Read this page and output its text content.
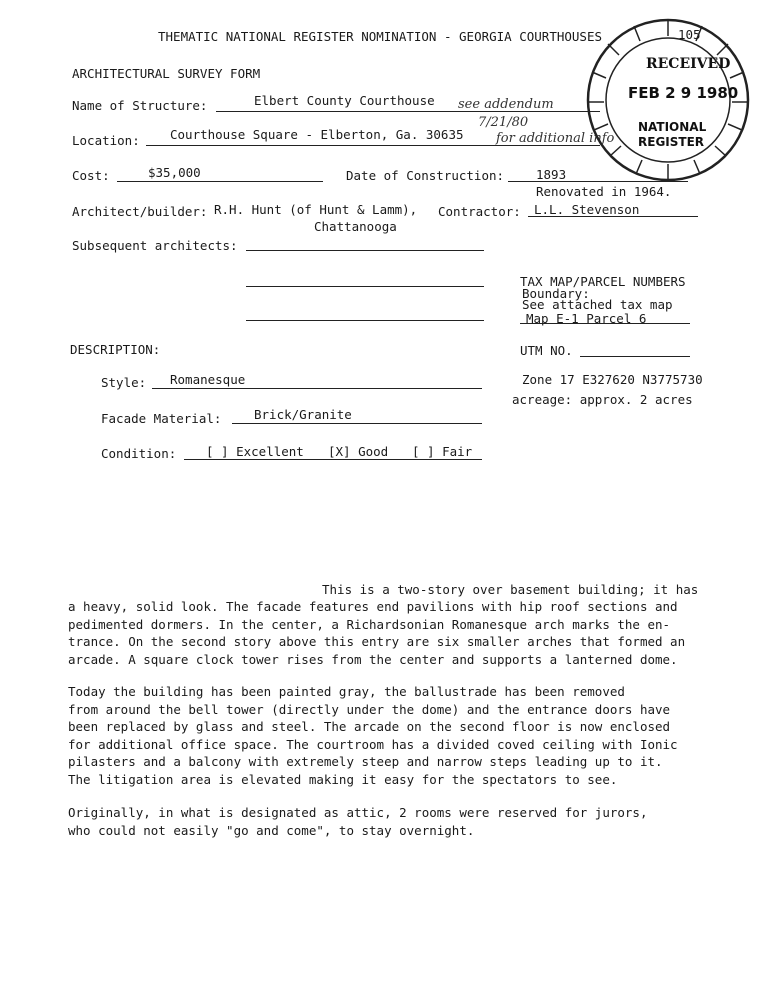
THEMATIC NATIONAL REGISTER NOMINATION - GEORGIA COURTHOUSES	105
ARCHITECTURAL SURVEY FORM
Name of Structure:	Elbert County Courthouse see addendum
Location: Courthouse Square - Elberton, Ga. 30635
7/21/80
for additional info
Cost:	$35,000	Date of Construction:	1893
Renovated in 1964.
Architect/builder: R.H. Hunt (of Hunt & Lamm),
Chattanooga
Contractor: L.L. Stevenson
Subsequent architects:
TAX MAP/PARCEL NUMBERS
Boundary:
See attached tax map
Map E-1 Parcel 6
DESCRIPTION:	UTM NO.
Zone 17 E327620 N3775730
acreage: approx. 2 acres
Style: Romanesque
Facade Material:	Brick/Granite
Condition: [ ] Excellent [X] Good [ ] Fair
This is a two-story over basement building; it has
a heavy, solid look. The facade features end pavilions with hip roof sections and
pedimented dormers. In the center, a Richardsonian Romanesque arch marks the en-
trance. On the second story above this entry are six smaller arches that formed an
arcade. A square clock tower rises from the center and supports a lanterned dome.
Today the building has been painted gray, the ballustrade has been removed
from around the bell tower (directly under the dome) and the entrance doors have
been replaced by glass and steel. The arcade on the second floor is now enclosed
for additional office space. The courtroom has a divided coved ceiling with Ionic
pilasters and a balcony with extremely steep and narrow steps leading up to it.
The litigation area is elevated making it easy for the spectators to see.
Originally, in what is designated as attic, 2 rooms were reserved for jurors,
who could not easily "go and come", to stay overnight.
RECEIVED
FEB 2 9 1980
NATIONAL
REGISTER
